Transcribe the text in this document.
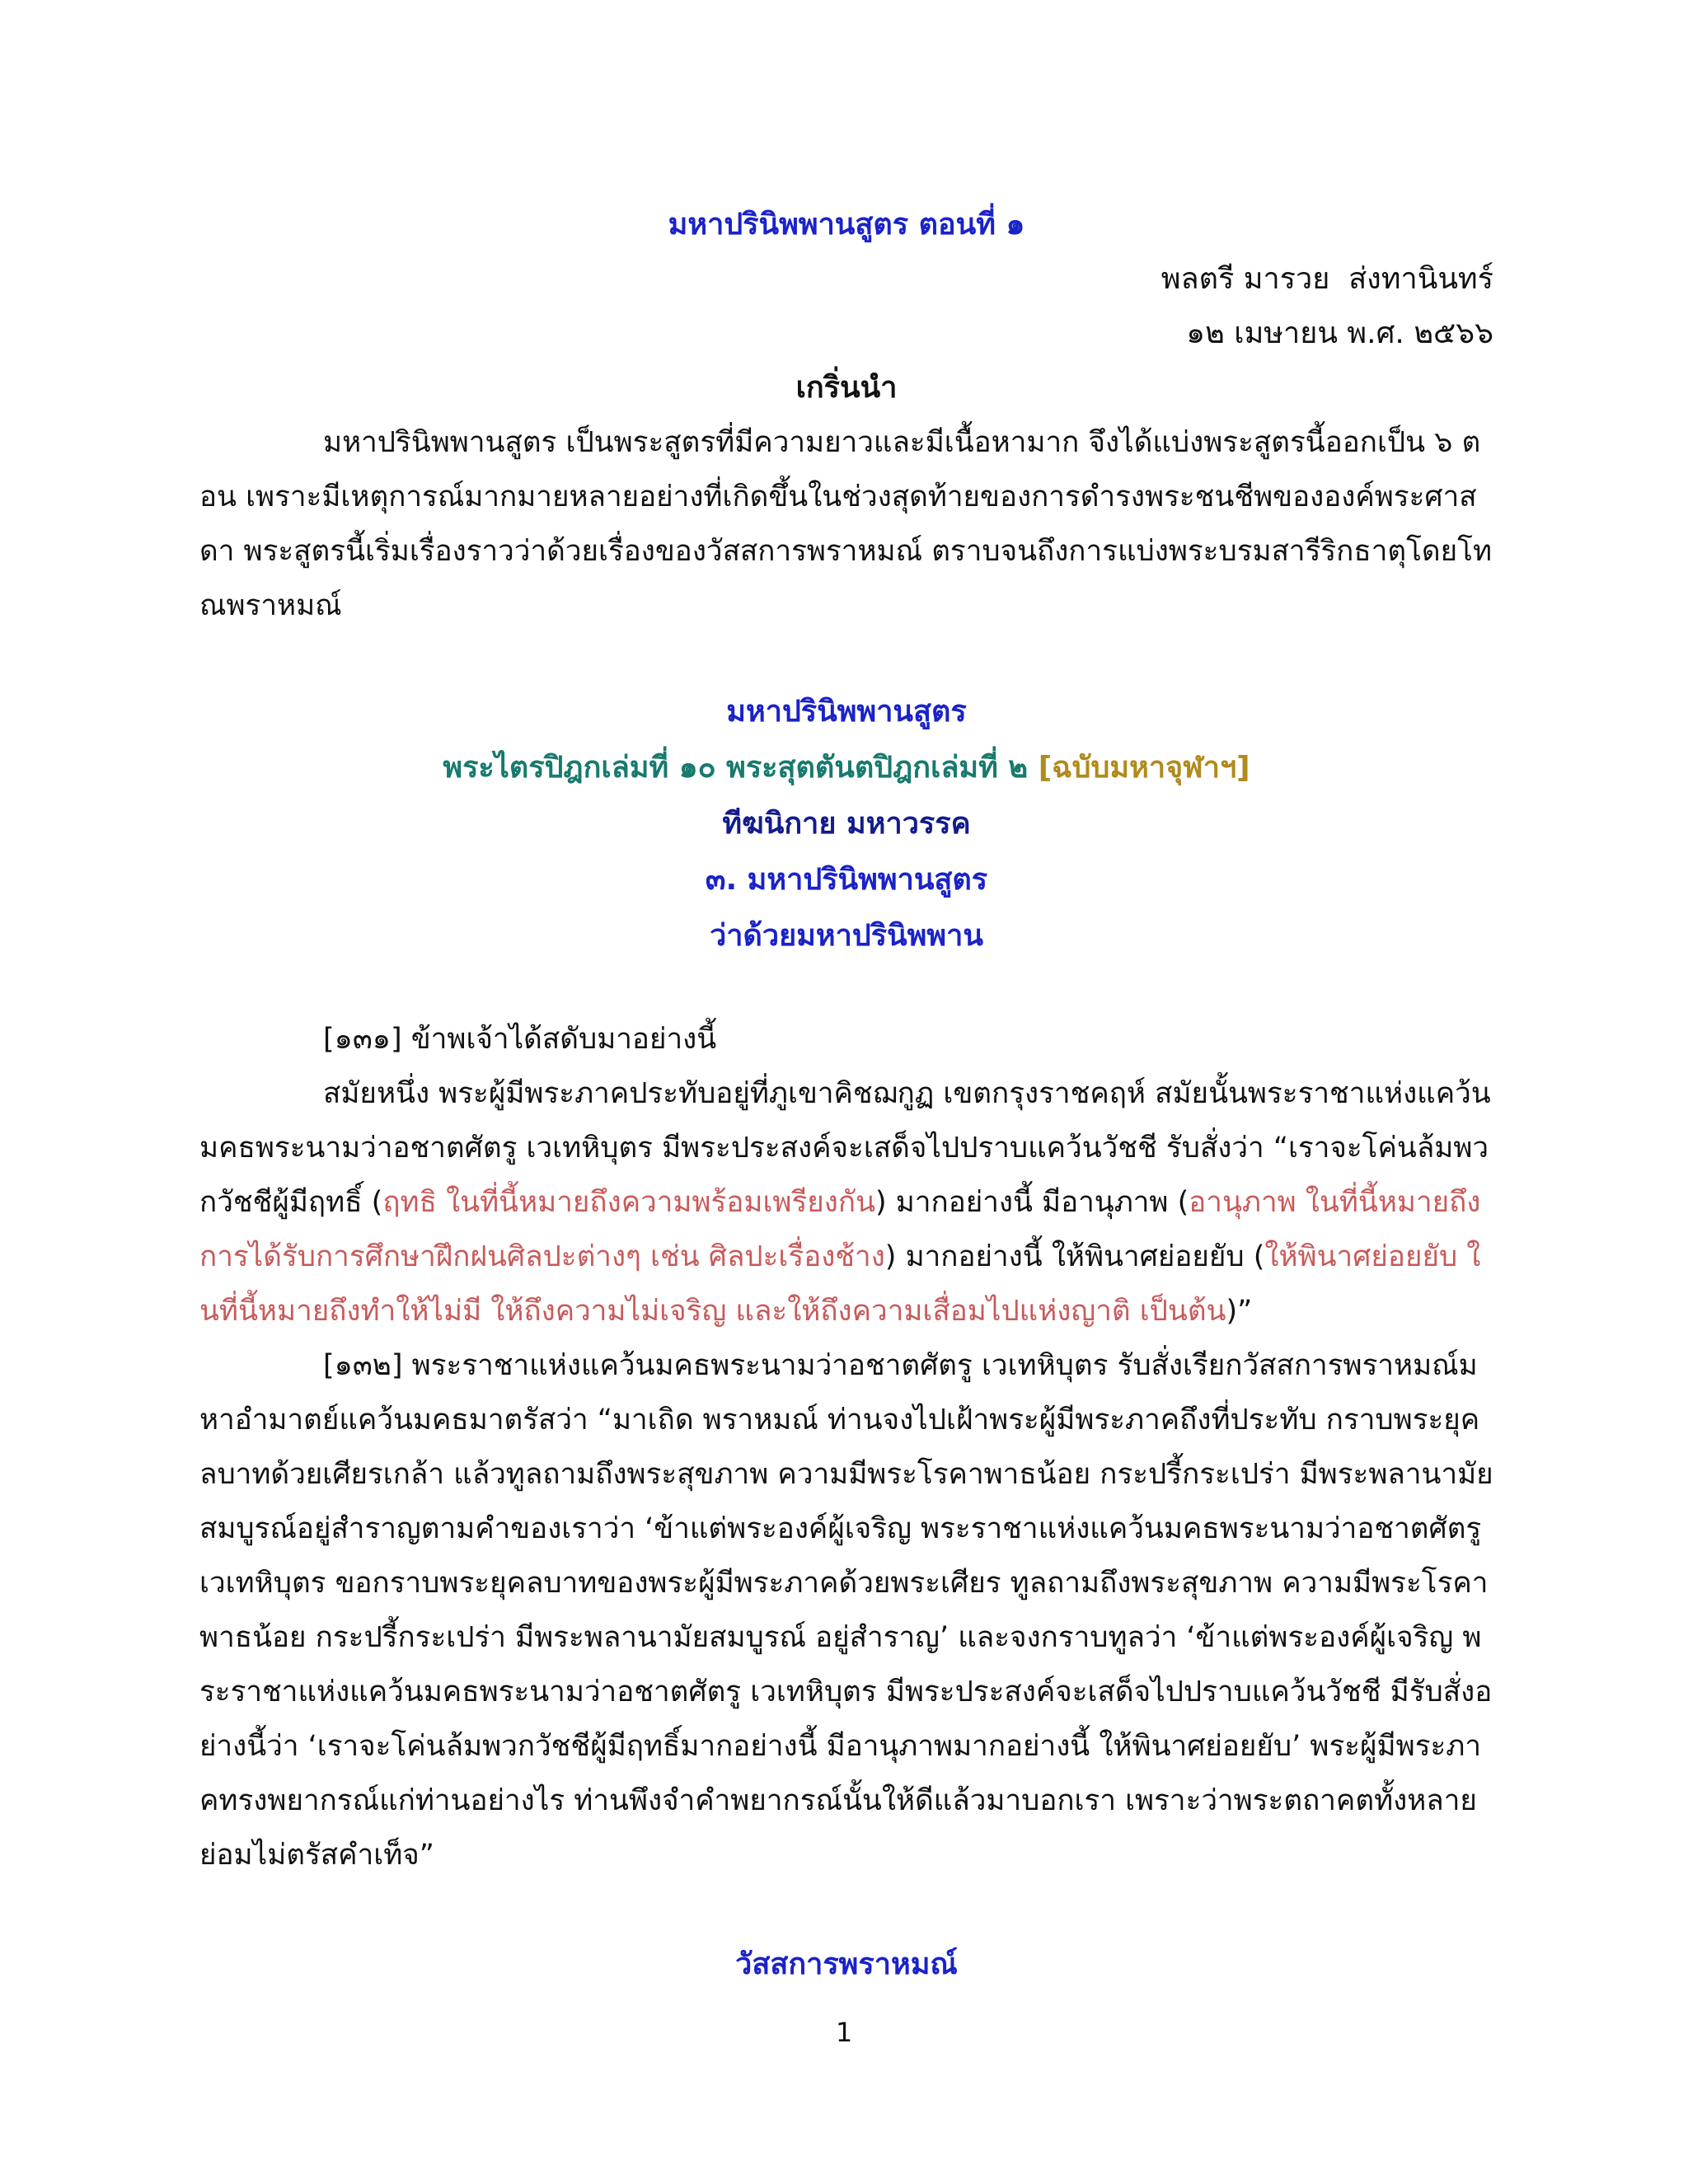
มหาปรินิพพานสูตร ตอนที่ ๑

พลตรี มารวย  ส่งทานินทร์

๑๒ เมษายน พ.ศ. ๒๕๖๖

เกริ่นนำ

มหาปรินิพพานสูตร เป็นพระสูตรที่มีความยาวและมีเนื้อหามาก จึงได้แบ่งพระสูตรนี้ออกเป็น ๖ ตอน เพราะมีเหตุการณ์มากมายหลายอย่างที่เกิดขึ้นในช่วงสุดท้ายของการดำรงพระชนชีพขององค์พระศาสดา พระสูตรนี้เริ่มเรื่องราวว่าด้วยเรื่องของวัสสการพราหมณ์ ตราบจนถึงการแบ่งพระบรมสารีริกธาตุโดยโทณพราหมณ์

มหาปรินิพพานสูตร

พระไตรปิฎกเล่มที่ ๑๐ พระสุตตันตปิฎกเล่มที่ ๒ [ฉบับมหาจุฬาฯ]

ทีฆนิกาย มหาวรรค

๓. มหาปรินิพพานสูตร

ว่าด้วยมหาปรินิพพาน

[๑๓๑] ข้าพเจ้าได้สดับมาอย่างนี้

สมัยหนึ่ง พระผู้มีพระภาคประทับอยู่ที่ภูเขาคิชฌกูฏ เขตกรุงราชคฤห์ สมัยนั้นพระราชาแห่งแคว้นมคธพระนามว่าอชาตศัตรู เวเทหิบุตร มีพระประสงค์จะเสด็จไปปราบแคว้นวัชชี รับสั่งว่า “เราจะโค่นล้มพวกวัชชีผู้มีฤทธิ์ (ฤทธิ ในที่นี้หมายถึงความพร้อมเพรียงกัน) มากอย่างนี้ มีอานุภาพ (อานุภาพ ในที่นี้หมายถึงการได้รับการศึกษาฝึกฝนศิลปะต่างๆ เช่น ศิลปะเรื่องช้าง) มากอย่างนี้ ให้พินาศย่อยยับ (ให้พินาศย่อยยับ ในที่นี้หมายถึงทำให้ไม่มี ให้ถึงความไม่เจริญ และให้ถึงความเสื่อมไปแห่งญาติ เป็นต้น)”

[๑๓๒] พระราชาแห่งแคว้นมคธพระนามว่าอชาตศัตรู เวเทหิบุตร รับสั่งเรียกวัสสการพราหมณ์มหาอำมาตย์แคว้นมคธมาตรัสว่า “มาเถิด พราหมณ์ ท่านจงไปเฝ้าพระผู้มีพระภาคถึงที่ประทับ กราบพระยุคลบาทด้วยเศียรเกล้า แล้วทูลถามถึงพระสุขภาพ ความมีพระโรคาพาธน้อย กระปรี้กระเปร่า มีพระพลานามัยสมบูรณ์อยู่สำราญตามคำของเราว่า ‘ข้าแต่พระองค์ผู้เจริญ พระราชาแห่งแคว้นมคธพระนามว่าอชาตศัตรู เวเทหิบุตร ขอกราบพระยุคลบาทของพระผู้มีพระภาคด้วยพระเศียร ทูลถามถึงพระสุขภาพ ความมีพระโรคาพาธน้อย กระปรี้กระเปร่า มีพระพลานามัยสมบูรณ์ อยู่สำราญ’ และจงกราบทูลว่า ‘ข้าแต่พระองค์ผู้เจริญ พระราชาแห่งแคว้นมคธพระนามว่าอชาตศัตรู เวเทหิบุตร มีพระประสงค์จะเสด็จไปปราบแคว้นวัชชี มีรับสั่งอย่างนี้ว่า ‘เราจะโค่นล้มพวกวัชชีผู้มีฤทธิ์มากอย่างนี้ มีอานุภาพมากอย่างนี้ ให้พินาศย่อยยับ’ พระผู้มีพระภาคทรงพยากรณ์แก่ท่านอย่างไร ท่านพึงจำคำพยากรณ์นั้นให้ดีแล้วมาบอกเรา เพราะว่าพระตถาคตทั้งหลายย่อมไม่ตรัสคำเท็จ”

วัสสการพราหมณ์

1
